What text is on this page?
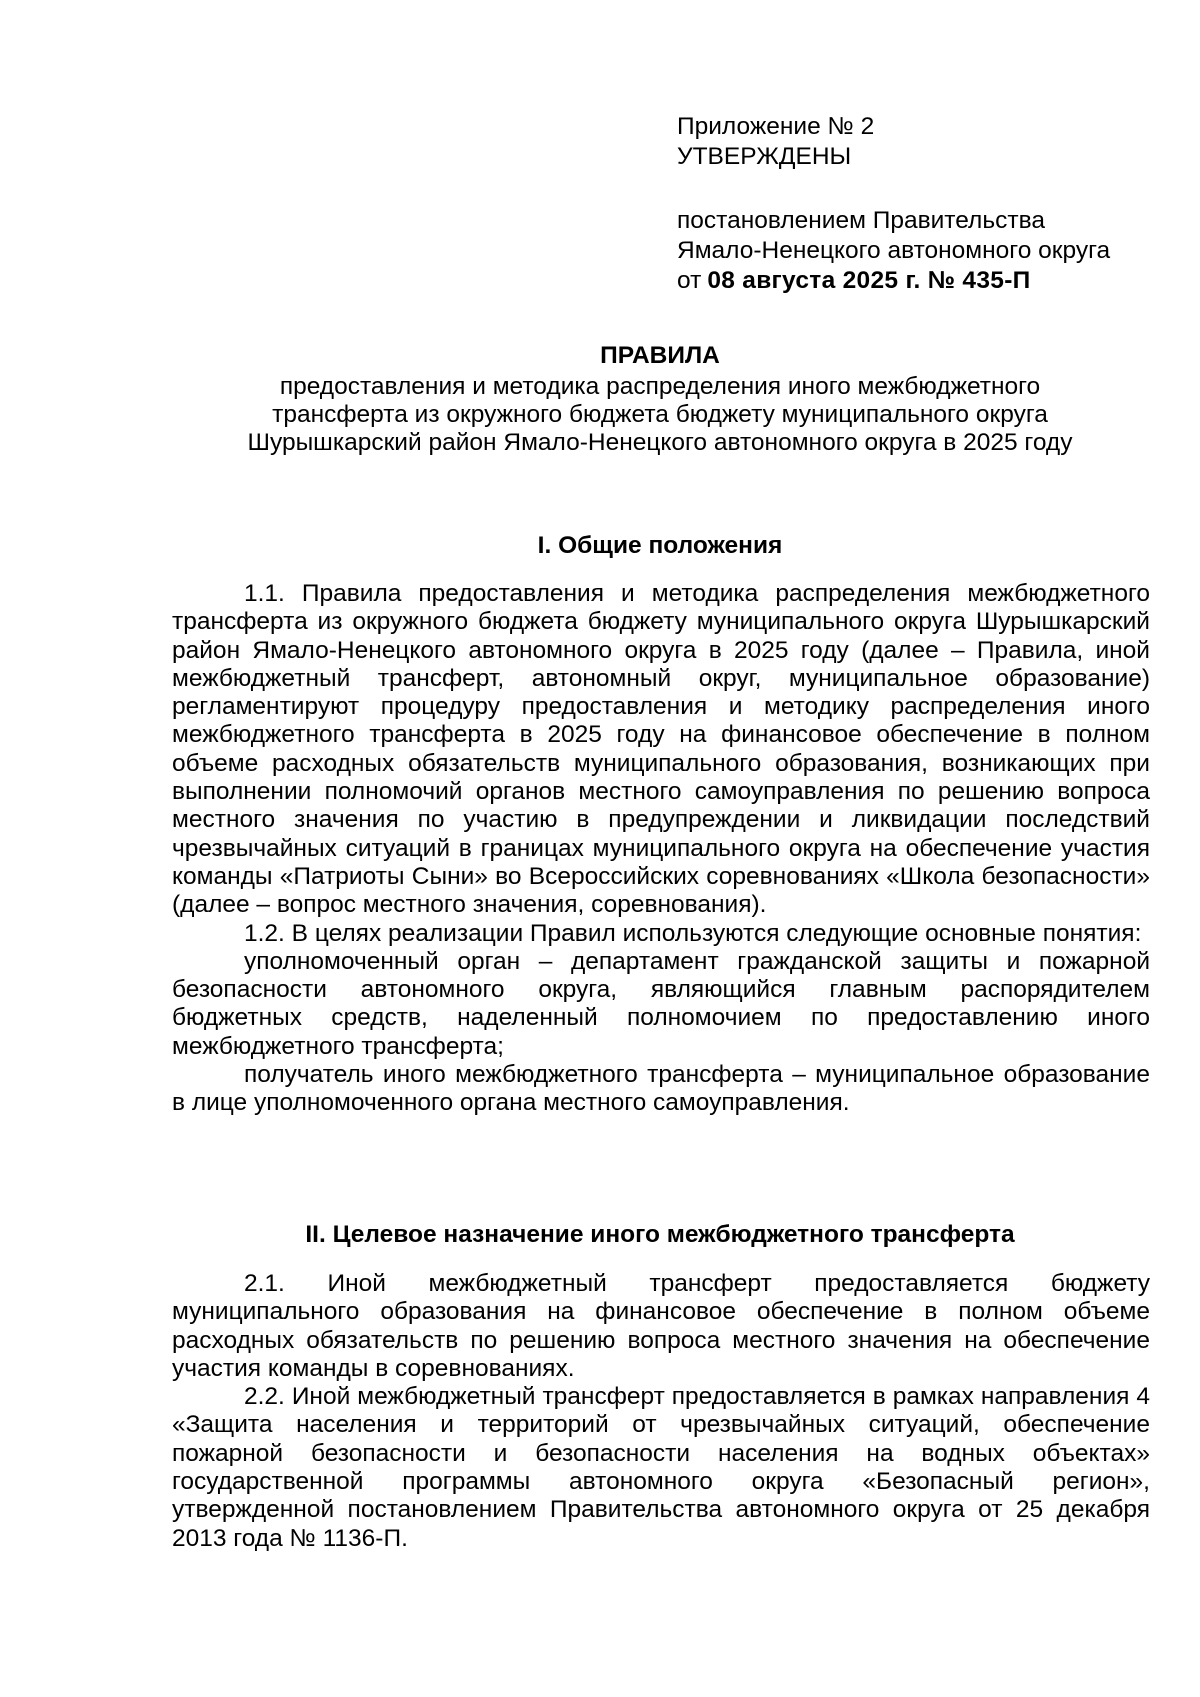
Приложение № 2

УТВЕРЖДЕНЫ

постановлением Правительства

Ямало-Ненецкого автономного округа

от 08 августа 2025 г. № 435-П

ПРАВИЛА
предоставления и методика распределения иного межбюджетного
трансферта из окружного бюджета бюджету муниципального округа
Шурышкарский район Ямало-Ненецкого автономного округа в 2025 году
I. Общие положения

1.1. Правила предоставления и методика распределения межбюджетного трансферта из окружного бюджета бюджету муниципального округа Шурышкарский район Ямало-Ненецкого автономного округа в 2025 году (далее – Правила, иной межбюджетный трансферт, автономный округ, муниципальное образование) регламентируют процедуру предоставления и методику распределения иного межбюджетного трансферта в 2025 году на финансовое обеспечение в полном объеме расходных обязательств муниципального образования, возникающих при выполнении полномочий органов местного самоуправления по решению вопроса местного значения по участию в предупреждении и ликвидации последствий чрезвычайных ситуаций в границах муниципального округа на обеспечение участия команды «Патриоты Сыни» во Всероссийских соревнованиях «Школа безопасности» (далее – вопрос местного значения, соревнования).

1.2. В целях реализации Правил используются следующие основные понятия:

уполномоченный орган – департамент гражданской защиты и пожарной безопасности автономного округа, являющийся главным распорядителем бюджетных средств, наделенный полномочием по предоставлению иного межбюджетного трансферта;

получатель иного межбюджетного трансферта – муниципальное образование в лице уполномоченного органа местного самоуправления.

II. Целевое назначение иного межбюджетного трансферта

2.1. Иной межбюджетный трансферт предоставляется бюджету муниципального образования на финансовое обеспечение в полном объеме расходных обязательств по решению вопроса местного значения на обеспечение участия команды в соревнованиях.

2.2. Иной межбюджетный трансферт предоставляется в рамках направления 4 «Защита населения и территорий от чрезвычайных ситуаций, обеспечение пожарной безопасности и безопасности населения на водных объектах» государственной программы автономного округа «Безопасный регион», утвержденной постановлением Правительства автономного округа от 25 декабря 2013 года № 1136-П.
